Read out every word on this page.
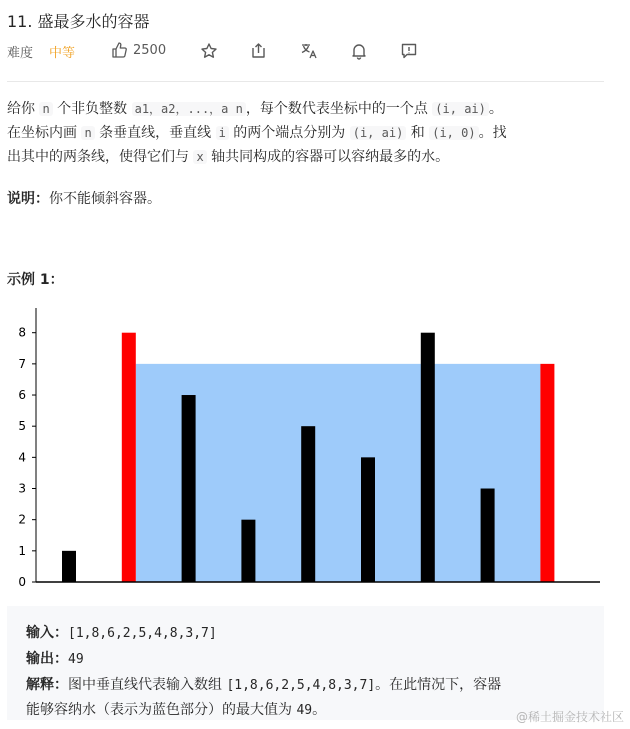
11. 盛最多水的容器
难度 中等	2500

给你 n 个非负整数 a1，a2，...，a n ，每个数代表坐标中的一个点 (i, ai) 。

在坐标内画 n 条垂直线，垂直线 i 的两个端点分别为 (i, ai) 和 (i, 0) 。找

出其中的两条线，使得它们与 x 轴共同构成的容器可以容纳最多的水。

说明：你不能倾斜容器。
示例 1：
0
1
2
3
4
5
6
7
8
输入：[1,8,6,2,5,4,8,3,7]
输出：49
解释：图中垂直线代表输入数组 [1,8,6,2,5,4,8,3,7]。在此情况下，容器
能够容纳水（表示为蓝色部分）的最大值为 49。	@稀土掘金技术社区
